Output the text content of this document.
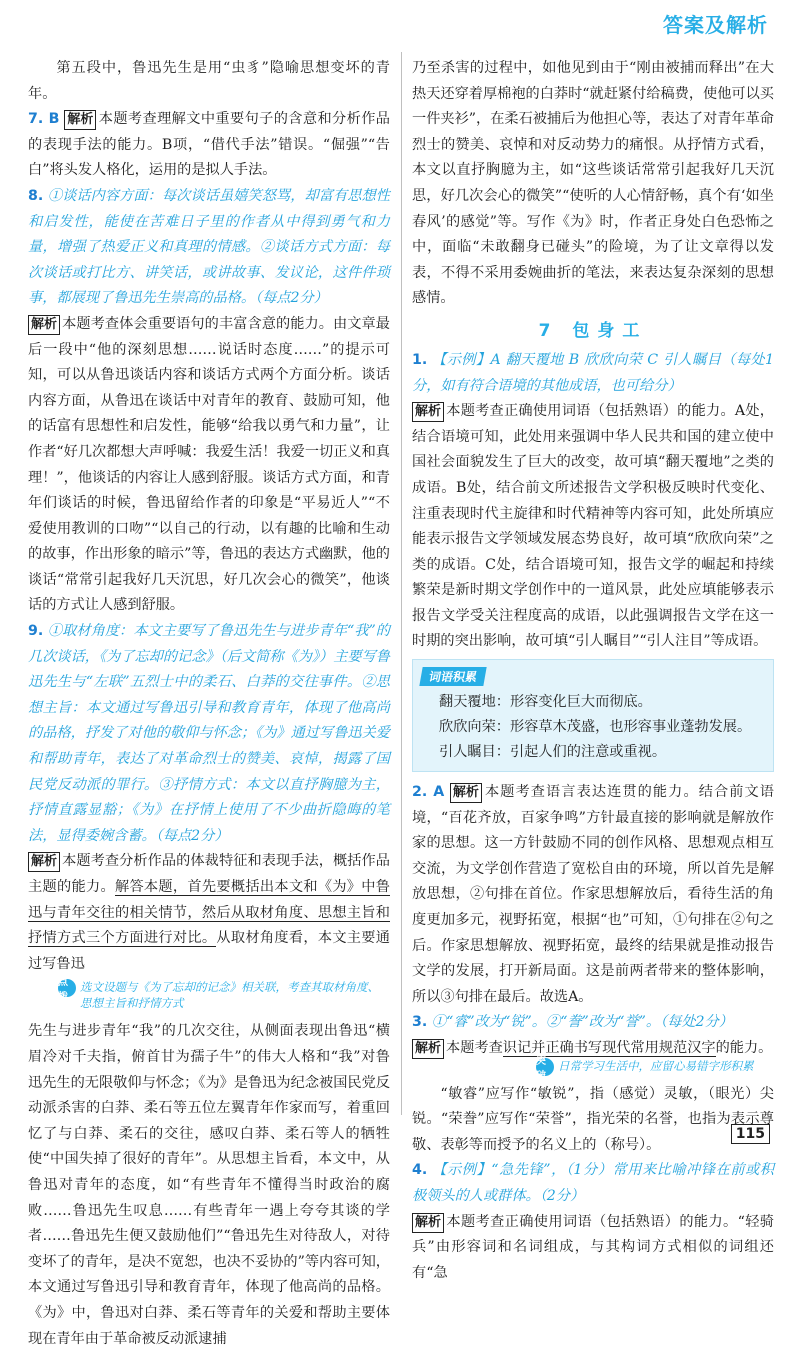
答案及解析

第五段中，鲁迅先生是用“虫豸”隐喻思想变坏的青年。

7. B 解析 本题考查理解文中重要句子的含意和分析作品的表现手法的能力。B项，“借代手法”错误。“倔强”“告白”将头发人格化，运用的是拟人手法。

8. ①谈话内容方面：每次谈话虽嬉笑怒骂，却富有思想性和启发性，能使在苦难日子里的作者从中得到勇气和力量，增强了热爱正义和真理的情感。②谈话方式方面：每次谈话或打比方、讲笑话，或讲故事、发议论，这件件琐事，都展现了鲁迅先生崇高的品格。（每点2分）

解析 本题考查体会重要语句的丰富含意的能力。由文章最后一段中“他的深刻思想……说话时态度……”的提示可知，可以从鲁迅谈话内容和谈话方式两个方面分析。谈话内容方面，从鲁迅在谈话中对青年的教育、鼓励可知，他的话富有思想性和启发性，能够“给我以勇气和力量”，让作者“好几次都想大声呼喊：我爱生活！我爱一切正义和真理！”，他谈话的内容让人感到舒服。谈话方式方面，和青年们谈话的时候，鲁迅留给作者的印象是“平易近人”“不爱使用教训的口吻”“以自己的行动，以有趣的比喻和生动的故事，作出形象的暗示”等，鲁迅的表达方式幽默，他的谈话“常常引起我好几天沉思，好几次会心的微笑”，他谈话的方式让人感到舒服。

9. ①取材角度：本文主要写了鲁迅先生与进步青年“我”的几次谈话，《为了忘却的记念》（后文简称《为》）主要写鲁迅先生与“左联”五烈士中的柔石、白莽的交往事件。②思想主旨：本文通过写鲁迅引导和教育青年，体现了他高尚的品格，抒发了对他的敬仰与怀念；《为》通过写鲁迅关爱和帮助青年，表达了对革命烈士的赞美、哀悼，揭露了国民党反动派的罪行。③抒情方式：本文以直抒胸臆为主，抒情直露显豁；《为》在抒情上使用了不少曲折隐晦的笔法，显得委婉含蓄。（每点2分）

解析 本题考查分析作品的体裁特征和表现手法，概括作品主题的能力。解答本题，首先要概括出本文和《为》中鲁迅与青年交往的相关情节，然后从取材角度、思想主旨和抒情方式三个方面进行对比。从取材角度看，本文主要通过写鲁迅

点拨
选文设题与《为了忘却的记念》相关联，考查其取材角度、思想主旨和抒情方式

先生与进步青年“我”的几次交往，从侧面表现出鲁迅“横眉冷对千夫指，俯首甘为孺子牛”的伟大人格和“我”对鲁迅先生的无限敬仰与怀念；《为》是鲁迅为纪念被国民党反动派杀害的白莽、柔石等五位左翼青年作家而写，着重回忆了与白莽、柔石的交往，感叹白莽、柔石等人的牺牲使“中国失掉了很好的青年”。从思想主旨看，本文中，从鲁迅对青年的态度，如“有些青年不懂得当时政治的腐败……鲁迅先生叹息……有些青年一遇上夸夸其谈的学者……鲁迅先生便又鼓励他们”“鲁迅先生对待敌人，对待变坏了的青年，是决不宽恕，也决不妥协的”等内容可知，本文通过写鲁迅引导和教育青年，体现了他高尚的品格。《为》中，鲁迅对白莽、柔石等青年的关爱和帮助主要体现在青年由于革命被反动派逮捕

乃至杀害的过程中，如他见到由于“刚由被捕而释出”在大热天还穿着厚棉袍的白莽时“就赶紧付给稿费，使他可以买一件夹衫”，在柔石被捕后为他担心等，表达了对青年革命烈士的赞美、哀悼和对反动势力的痛恨。从抒情方式看，本文以直抒胸臆为主，如“这些谈话常常引起我好几天沉思，好几次会心的微笑”“使听的人心情舒畅，真个有‘如坐春风’的感觉”等。写作《为》时，作者正身处白色恐怖之中，面临“未敢翻身已碰头”的险境，为了让文章得以发表，不得不采用委婉曲折的笔法，来表达复杂深刻的思想感情。

7 包身工

1. 【示例】A 翻天覆地 B 欣欣向荣 C 引人瞩目（每处1分，如有符合语境的其他成语，也可给分）

解析 本题考查正确使用词语（包括熟语）的能力。A处，结合语境可知，此处用来强调中华人民共和国的建立使中国社会面貌发生了巨大的改变，故可填“翻天覆地”之类的成语。B处，结合前文所述报告文学积极反映时代变化、注重表现时代主旋律和时代精神等内容可知，此处所填应能表示报告文学领域发展态势良好，故可填“欣欣向荣”之类的成语。C处，结合语境可知，报告文学的崛起和持续繁荣是新时期文学创作中的一道风景，此处应填能够表示报告文学受关注程度高的成语，以此强调报告文学在这一时期的突出影响，故可填“引人瞩目”“引人注目”等成语。

词语积累
翻天覆地：形容变化巨大而彻底。
欣欣向荣：形容草木茂盛，也形容事业蓬勃发展。
引人瞩目：引起人们的注意或重视。

2. A 解析 本题考查语言表达连贯的能力。结合前文语境，“百花齐放，百家争鸣”方针最直接的影响就是解放作家的思想。这一方针鼓励不同的创作风格、思想观点相互交流，为文学创作营造了宽松自由的环境，所以首先是解放思想，②句排在首位。作家思想解放后，看待生活的角度更加多元，视野拓宽，根据“也”可知，①句排在②句之后。作家思想解放、视野拓宽，最终的结果就是推动报告文学的发展，打开新局面。这是前两者带来的整体影响，所以③句排在最后。故选A。

3. ①“睿”改为“锐”。②“誊”改为“誉”。（每处2分）

解析 本题考查识记并正确书写现代常用规范汉字的能力。

突破
日常学习生活中，应留心易错字形积累

“敏睿”应写作“敏锐”，指（感觉）灵敏，（眼光）尖锐。“荣誊”应写作“荣誉”，指光荣的名誉，也指为表示尊敬、表彰等而授予的名义上的（称号）。

4. 【示例】“急先锋”，（1分）常用来比喻冲锋在前或积极领头的人或群体。（2分）

解析 本题考查正确使用词语（包括熟语）的能力。“轻骑兵”由形容词和名词组成，与其构词方式相似的词组还有“急

115
